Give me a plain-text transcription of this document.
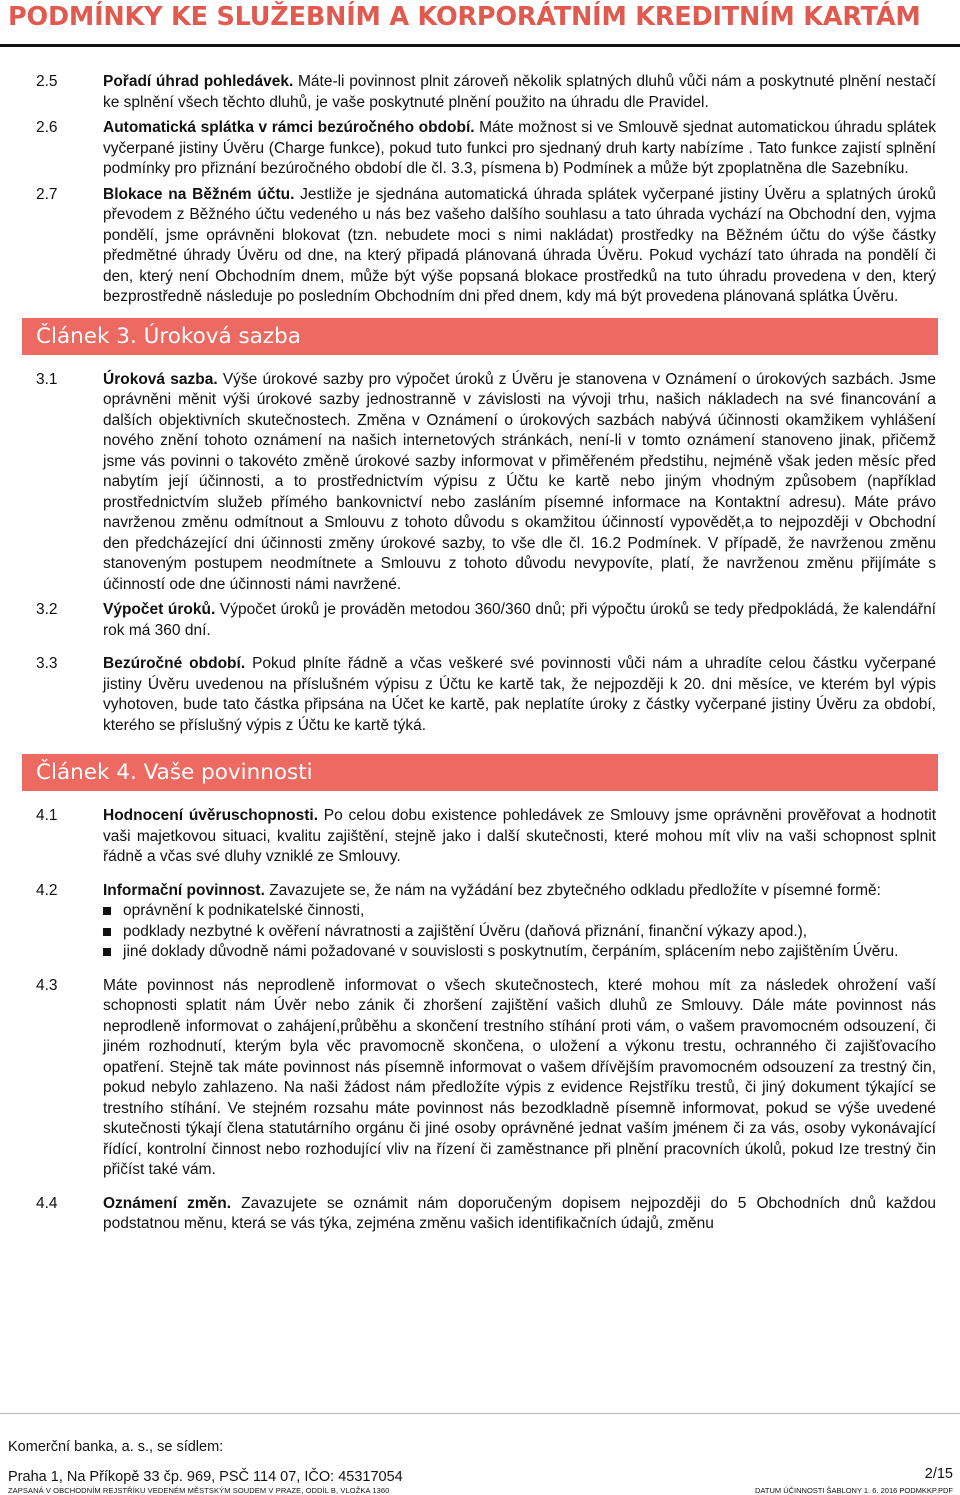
PODMÍNKY KE SLUŽEBNÍM A KORPORÁTNÍM KREDITNÍM KARTÁM
2.5	Pořadí úhrad pohledávek. Máte-li povinnost plnit zároveň několik splatných dluhů vůči nám a poskytnuté plnění nestačí ke splnění všech těchto dluhů, je vaše poskytnuté plnění použito na úhradu dle Pravidel.
2.6	Automatická splátka v rámci bezúročného období. Máte možnost si ve Smlouvě sjednat automatickou úhradu splátek vyčerpané jistiny Úvěru (Charge funkce), pokud tuto funkci pro sjednaný druh karty nabízíme . Tato funkce zajistí splnění podmínky pro přiznání bezúročného období dle čl. 3.3, písmena b) Podmínek a může být zpoplatněna dle Sazebníku.
2.7	Blokace na Běžném účtu. Jestliže je sjednána automatická úhrada splátek vyčerpané jistiny Úvěru a splatných úroků převodem z Běžného účtu vedeného u nás bez vašeho dalšího souhlasu a tato úhrada vychází na Obchodní den, vyjma pondělí, jsme oprávněni blokovat (tzn. nebudete moci s nimi nakládat) prostředky na Běžném účtu do výše částky předmětné úhrady Úvěru od dne, na který připadá plánovaná úhrada Úvěru. Pokud vychází tato úhrada na pondělí či den, který není Obchodním dnem, může být výše popsaná blokace prostředků na tuto úhradu provedena v den, který bezprostředně následuje po posledním Obchodním dni před dnem, kdy má být provedena plánovaná splátka Úvěru.
Článek 3. Úroková sazba
3.1	Úroková sazba. Výše úrokové sazby pro výpočet úroků z Úvěru je stanovena v Oznámení o úrokových sazbách. Jsme oprávněni měnit výši úrokové sazby jednostranně v závislosti na vývoji trhu, našich nákladech na své financování a dalších objektivních skutečnostech. Změna v Oznámení o úrokových sazbách nabývá účinnosti okamžikem vyhlášení nového znění tohoto oznámení na našich internetových stránkách, není-li v tomto oznámení stanoveno jinak, přičemž jsme vás povinni o takovéto změně úrokové sazby informovat v přiměřeném předstihu, nejméně však jeden měsíc před nabytím její účinnosti, a to prostřednictvím výpisu z Účtu ke kartě nebo jiným vhodným způsobem (například prostřednictvím služeb přímého bankovnictví nebo zasláním písemné informace na Kontaktní adresu). Máte právo navrženou změnu odmítnout a Smlouvu z tohoto důvodu s okamžitou účinností vypovědět,a to nejpozději v Obchodní den předcházející dni účinnosti změny úrokové sazby, to vše dle čl. 16.2 Podmínek. V případě, že navrženou změnu stanoveným postupem neodmítnete a Smlouvu z tohoto důvodu nevypovíte, platí, že navrženou změnu přijímáte s účinností ode dne účinnosti námi navržené.
3.2	Výpočet úroků. Výpočet úroků je prováděn metodou 360/360 dnů; při výpočtu úroků se tedy předpokládá, že kalendářní rok má 360 dní.
3.3	Bezúročné období. Pokud plníte řádně a včas veškeré své povinnosti vůči nám a uhradíte celou částku vyčerpané jistiny Úvěru uvedenou na příslušném výpisu z Účtu ke kartě tak, že nejpozději k 20. dni měsíce, ve kterém byl výpis vyhotoven, bude tato částka připsána na Účet ke kartě, pak neplatíte úroky z částky vyčerpané jistiny Úvěru za období, kterého se příslušný výpis z Účtu ke kartě týká.
Článek 4. Vaše povinnosti
4.1	Hodnocení úvěruschopnosti. Po celou dobu existence pohledávek ze Smlouvy jsme oprávněni prověřovat a hodnotit vaši majetkovou situaci, kvalitu zajištění, stejně jako i další skutečnosti, které mohou mít vliv na vaši schopnost splnit řádně a včas své dluhy vzniklé ze Smlouvy.
4.2	Informační povinnost. Zavazujete se, že nám na vyžádání bez zbytečného odkladu předložíte v písemné formě:
oprávnění k podnikatelské činnosti,
podklady nezbytné k ověření návratnosti a zajištění Úvěru (daňová přiznání, finanční výkazy apod.),
jiné doklady důvodně námi požadované v souvislosti s poskytnutím, čerpáním, splácením nebo zajištěním Úvěru.
4.3	Máte povinnost nás neprodleně informovat o všech skutečnostech, které mohou mít za následek ohrožení vaší schopnosti splatit nám Úvěr nebo zánik či zhoršení zajištění vašich dluhů ze Smlouvy. Dále máte povinnost nás neprodleně informovat o zahájení,průběhu a skončení trestního stíhání proti vám, o vašem pravomocném odsouzení, či jiném rozhodnutí, kterým byla věc pravomocně skončena, o uložení a výkonu trestu, ochranného či zajišťovacího opatření. Stejně tak máte povinnost nás písemně informovat o vašem dřívějším pravomocném odsouzení za trestný čin, pokud nebylo zahlazeno. Na naši žádost nám předložíte výpis z evidence Rejstříku trestů, či jiný dokument týkající se trestního stíhání. Ve stejném rozsahu máte povinnost nás bezodkladně písemně informovat, pokud se výše uvedené skutečnosti týkají člena statutárního orgánu či jiné osoby oprávněné jednat vaším jménem či za vás, osoby vykonávající řídící, kontrolní činnost nebo rozhodující vliv na řízení či zaměstnance při plnění pracovních úkolů, pokud Ize trestný čin přičíst také vám.
4.4	Oznámení změn. Zavazujete se oznámit nám doporučeným dopisem nejpozději do 5 Obchodních dnů každou podstatnou měnu, která se vás týka, zejména změnu vašich identifikačních údajů, změnu
Komerční banka, a. s., se sídlem:
Praha 1, Na Příkopě 33 čp. 969, PSČ 114 07, IČO: 45317054	2/15
ZAPSANÁ V OBCHODNÍM REJSTŘÍKU VEDENÉM MĚSTSKÝM SOUDEM V PRAZE, ODDÍL B, VLOŽKA 1360	DATUM ÚČINNOSTI ŠABLONY 1. 6. 2016 PODMKKP.PDF
